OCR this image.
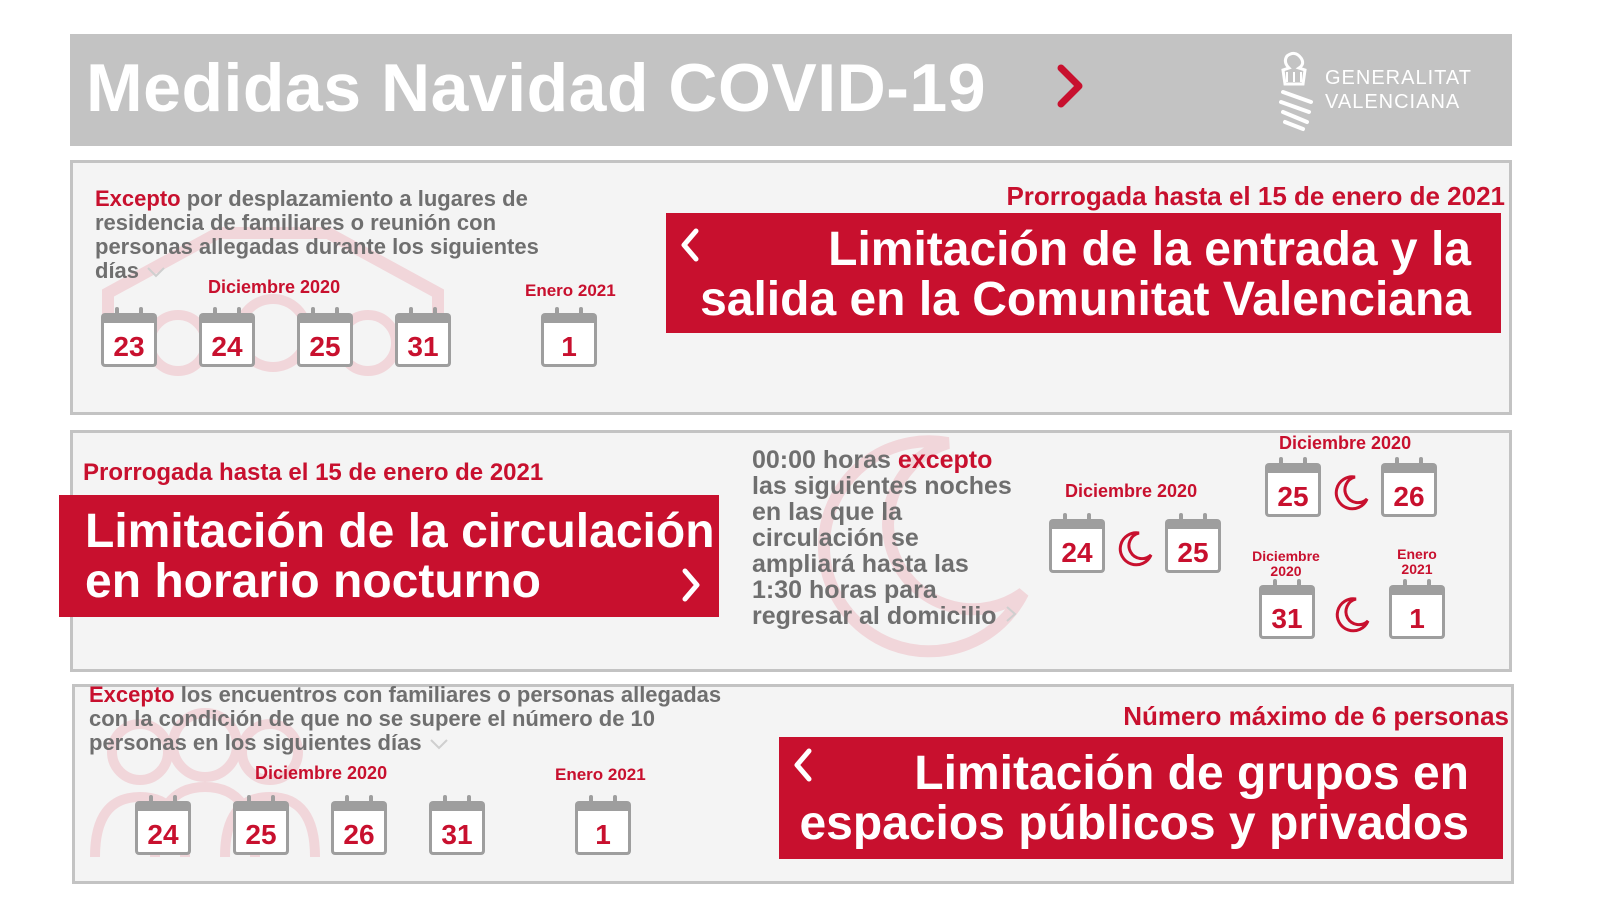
Medidas Navidad COVID-19	GENERALITAT
VALENCIANA
Excepto por desplazamiento a lugares de residencia de familiares o reunión con personas allegadas durante los siguientes días
Diciembre 2020	Enero 2021
23	24	25	31	1
Prorrogada hasta el 15 de enero de 2021
Limitación de la entrada y la
salida en la Comunitat Valenciana
Prorrogada hasta el 15 de enero de 2021
Limitación de la circulación
en horario nocturno
00:00 horas excepto las siguientes noches en las que la circulación se ampliará hasta las 1:30 horas para regresar al domicilio
Diciembre 2020
Diciembre 2020
Diciembre
2020
Enero
2021
24	25
25	26
31	1
Excepto los encuentros con familiares o personas allegadas con la condición de que no se supere el número de 10 personas en los siguientes días
Diciembre 2020	Enero 2021
24	25	26	31	1
Número máximo de 6 personas
Limitación de grupos en
espacios públicos y privados
